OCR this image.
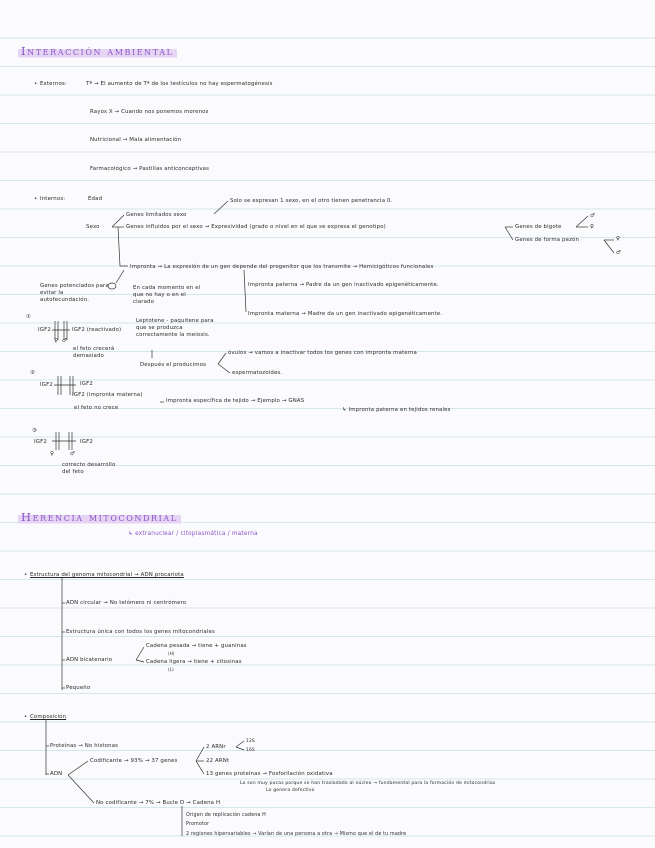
Interacción ambiental
• Externos:	Tª → El aumento de Tª de los testículos no hay espermatogénesis
Rayos X → Cuando nos ponemos morenos
Nutricional → Mala alimentación
Farmacológico → Pastillas anticonceptivas
• Internos:	Edad
Sexo
Genes limitados sexo
Solo se expresan 1 sexo, en el otro tienen penetrancia 0.
Genes influidos por el sexo → Expresividad (grado o nivel en el que se expresa el genotipo)	Genes de bigote
Genes de forma pezón
♂
♀
♀
♂
Impronta → La expresión de un gen depende del progenitor que los transmite → Hemicigóticos funcionales
Impronta paterna → Padre da un gen inactivado epigenéticamente.
Impronta materna → Madre da un gen inactivado epigenéticamente.
Genes potenciados para evitar la autofecundación.
En cada momento en el que no hay o en el clarado
Leptotene - paquitene para que se produzca correctamente la meiosis.
Después el producimos
óvulos → vamos a inactivar todos los genes con impronta materna
espermatozoides.
Impronta específica de tejido → Ejemplo → GNAS
↳ Impronta paterna en tejidos renales
①
IGF2	IGF2 (reactivado)
el feto crecerá demasiado
♀ ♂
②
IGF2	IGF2
IGF2 (impronta materna)
el feto no crece
③
IGF2	IGF2
♀	♂
correcto desarrollo del feto
Herencia mitocondrial
↳ extranuclear / citoplasmática / materna
• Estructura del genoma mitocondrial → ADN procariota
ADN circular → No telómero ni centrómero
Estructura única con todos los genes mitocondriales
ADN bicatenario
Cadena pesada → tiene + guaninas
(H)
Cadena ligera → tiene + citosinas
(L)
Pequeño
• Composición
Proteínas → No histonas
ADN
Codificante → 93% → 37 genes
2 ARNr
12S
16S
22 ARNt
13 genes proteínas → Fosforilación oxidativa
Lo son muy pocas porque se han trasladado al núcleo → fundamental para la formación de mitocondrias
Lo genera defectivo
No codificante → 7% → Bucle D → Cadena H
Origen de replicación cadena H
Promotor
2 regiones hipervariables → Varían de una persona a otra → Mismo que el de tu madre
